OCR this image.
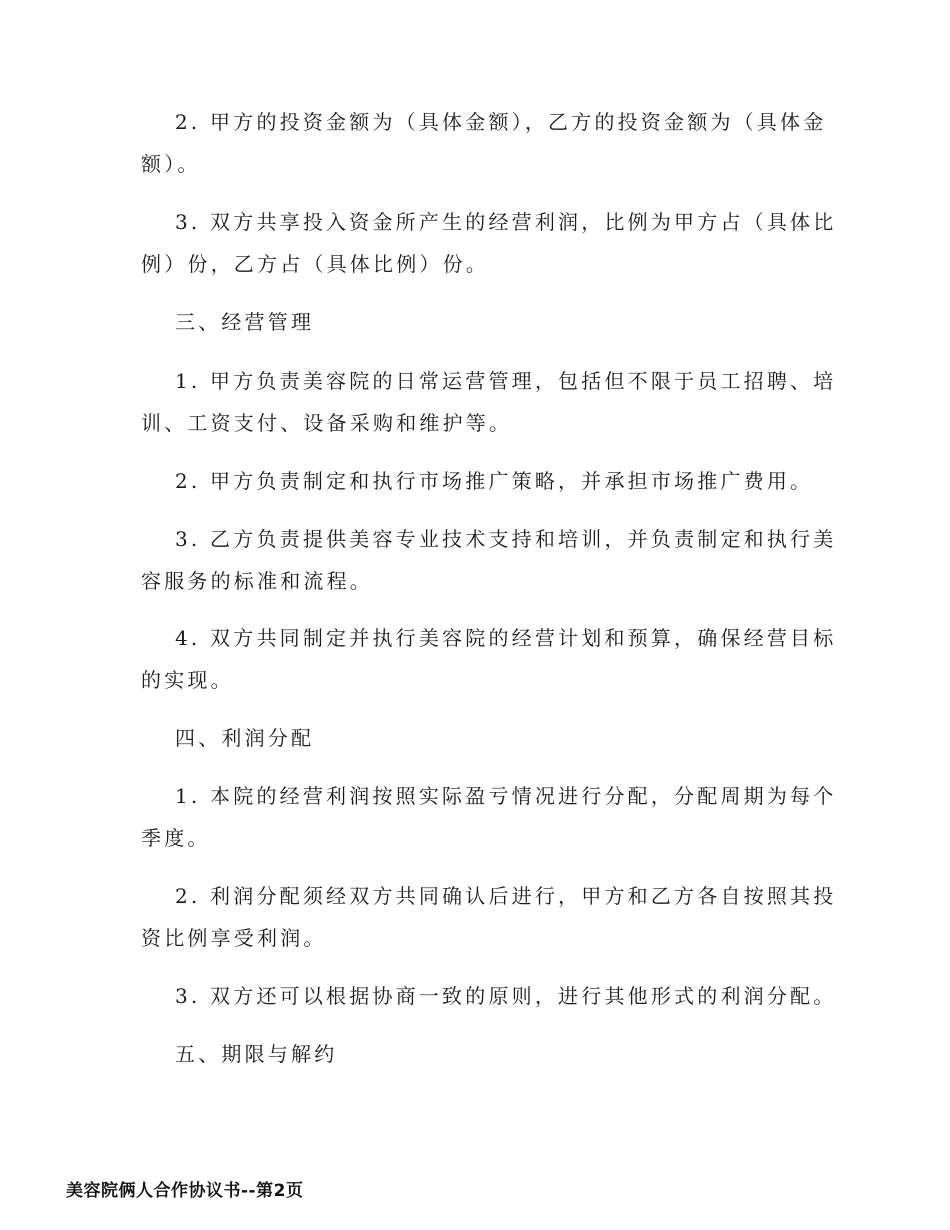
2. 甲方的投资金额为（具体金额），乙方的投资金额为（具体金额）。

3. 双方共享投入资金所产生的经营利润，比例为甲方占（具体比例）份，乙方占（具体比例）份。

三、经营管理

1. 甲方负责美容院的日常运营管理，包括但不限于员工招聘、培训、工资支付、设备采购和维护等。

2. 甲方负责制定和执行市场推广策略，并承担市场推广费用。

3. 乙方负责提供美容专业技术支持和培训，并负责制定和执行美容服务的标准和流程。

4. 双方共同制定并执行美容院的经营计划和预算，确保经营目标的实现。

四、利润分配

1. 本院的经营利润按照实际盈亏情况进行分配，分配周期为每个季度。

2. 利润分配须经双方共同确认后进行，甲方和乙方各自按照其投资比例享受利润。

3. 双方还可以根据协商一致的原则，进行其他形式的利润分配。

五、期限与解约

美容院俩人合作协议书--第2页
